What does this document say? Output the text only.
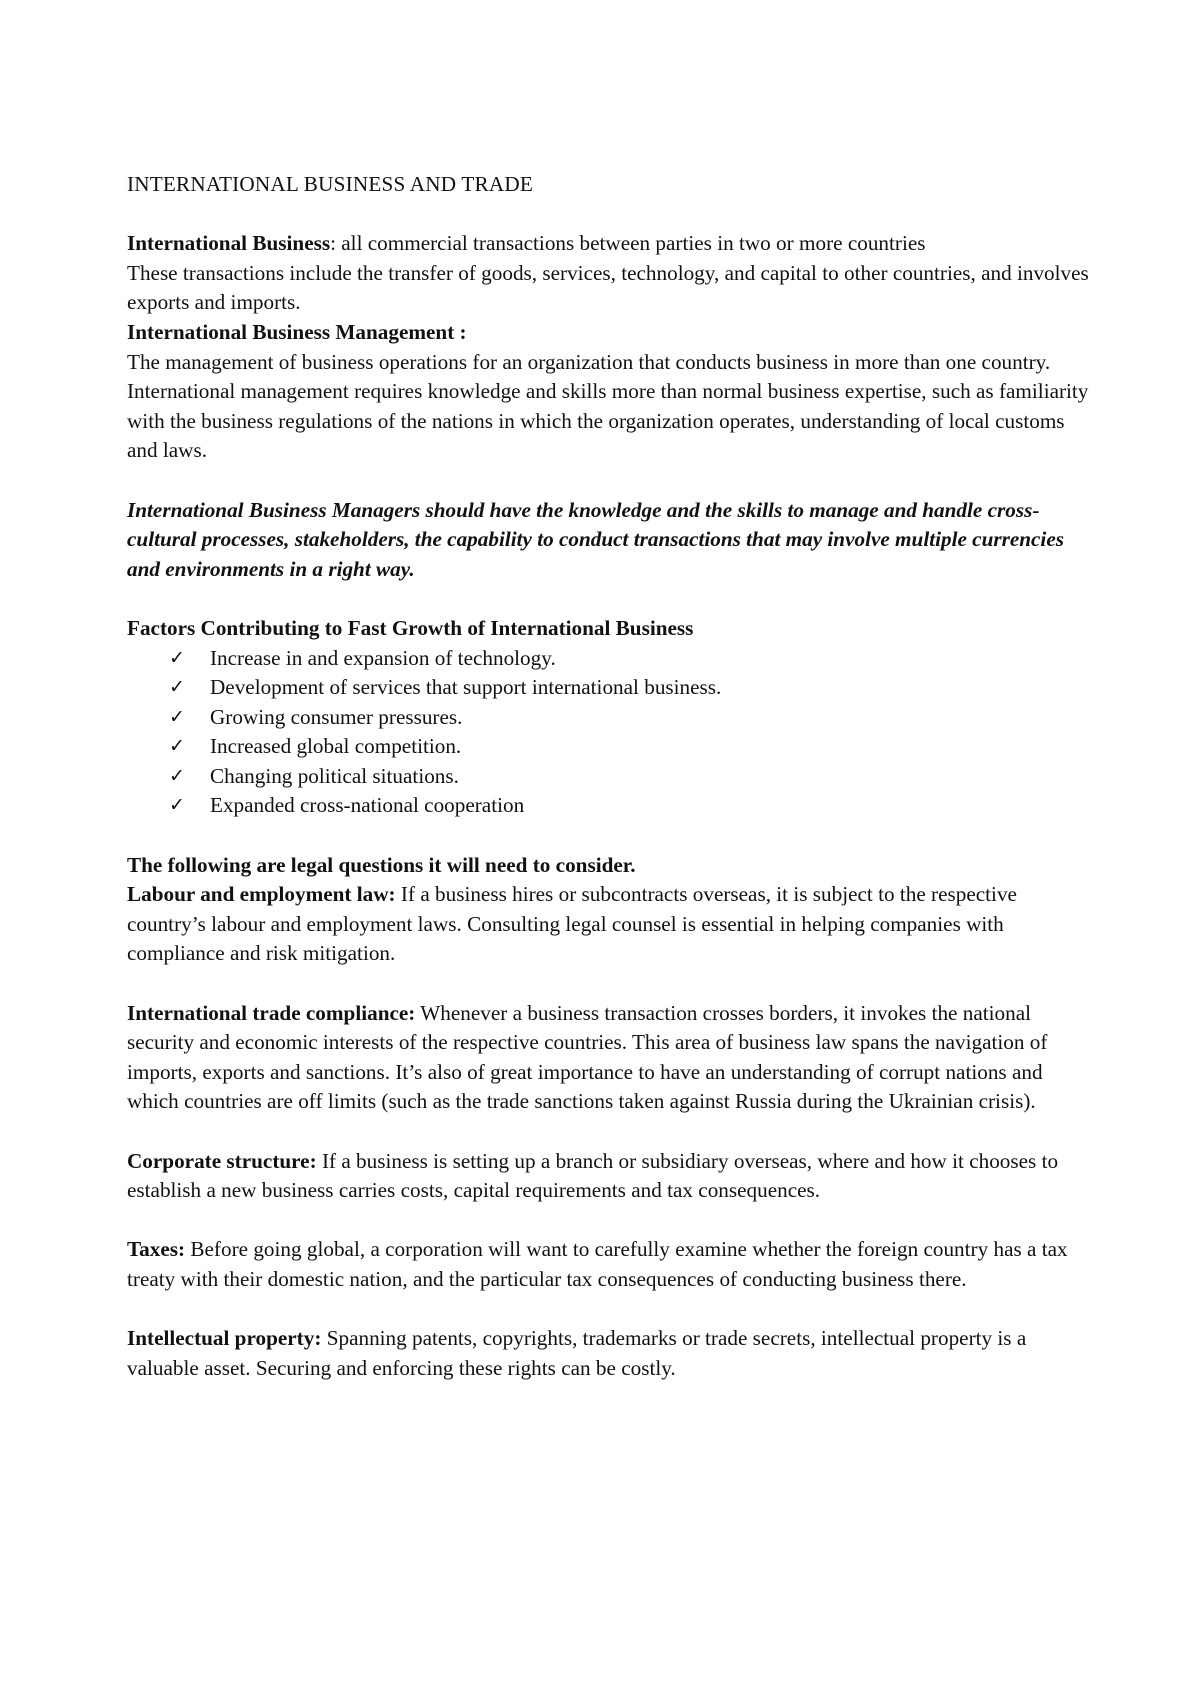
INTERNATIONAL BUSINESS AND TRADE

International Business: all commercial transactions between parties in two or more countries

These transactions include the transfer of goods, services, technology, and capital to other countries, and involves exports and imports.

International Business Management :

The management of business operations for an organization that conducts business in more than one country.

International management requires knowledge and skills more than normal business expertise, such as familiarity with the business regulations of the nations in which the organization operates, understanding of local customs and laws.

International Business Managers should have the knowledge and the skills to manage and handle cross- cultural processes, stakeholders, the capability to conduct transactions that may involve multiple currencies and environments in a right way.

Factors Contributing to Fast Growth of International Business

✓ Increase in and expansion of technology.
✓ Development of services that support international business.
✓ Growing consumer pressures.
✓ Increased global competition.
✓ Changing political situations.
✓ Expanded cross-national cooperation

The following are legal questions it will need to consider.

Labour and employment law: If a business hires or subcontracts overseas, it is subject to the respective country’s labour and employment laws. Consulting legal counsel is essential in helping companies with compliance and risk mitigation.

International trade compliance: Whenever a business transaction crosses borders, it invokes the national security and economic interests of the respective countries. This area of business law spans the navigation of imports, exports and sanctions. It’s also of great importance to have an understanding of corrupt nations and which countries are off limits (such as the trade sanctions taken against Russia during the Ukrainian crisis).

Corporate structure: If a business is setting up a branch or subsidiary overseas, where and how it chooses to establish a new business carries costs, capital requirements and tax consequences.

Taxes: Before going global, a corporation will want to carefully examine whether the foreign country has a tax treaty with their domestic nation, and the particular tax consequences of conducting business there.

Intellectual property: Spanning patents, copyrights, trademarks or trade secrets, intellectual property is a valuable asset. Securing and enforcing these rights can be costly.
